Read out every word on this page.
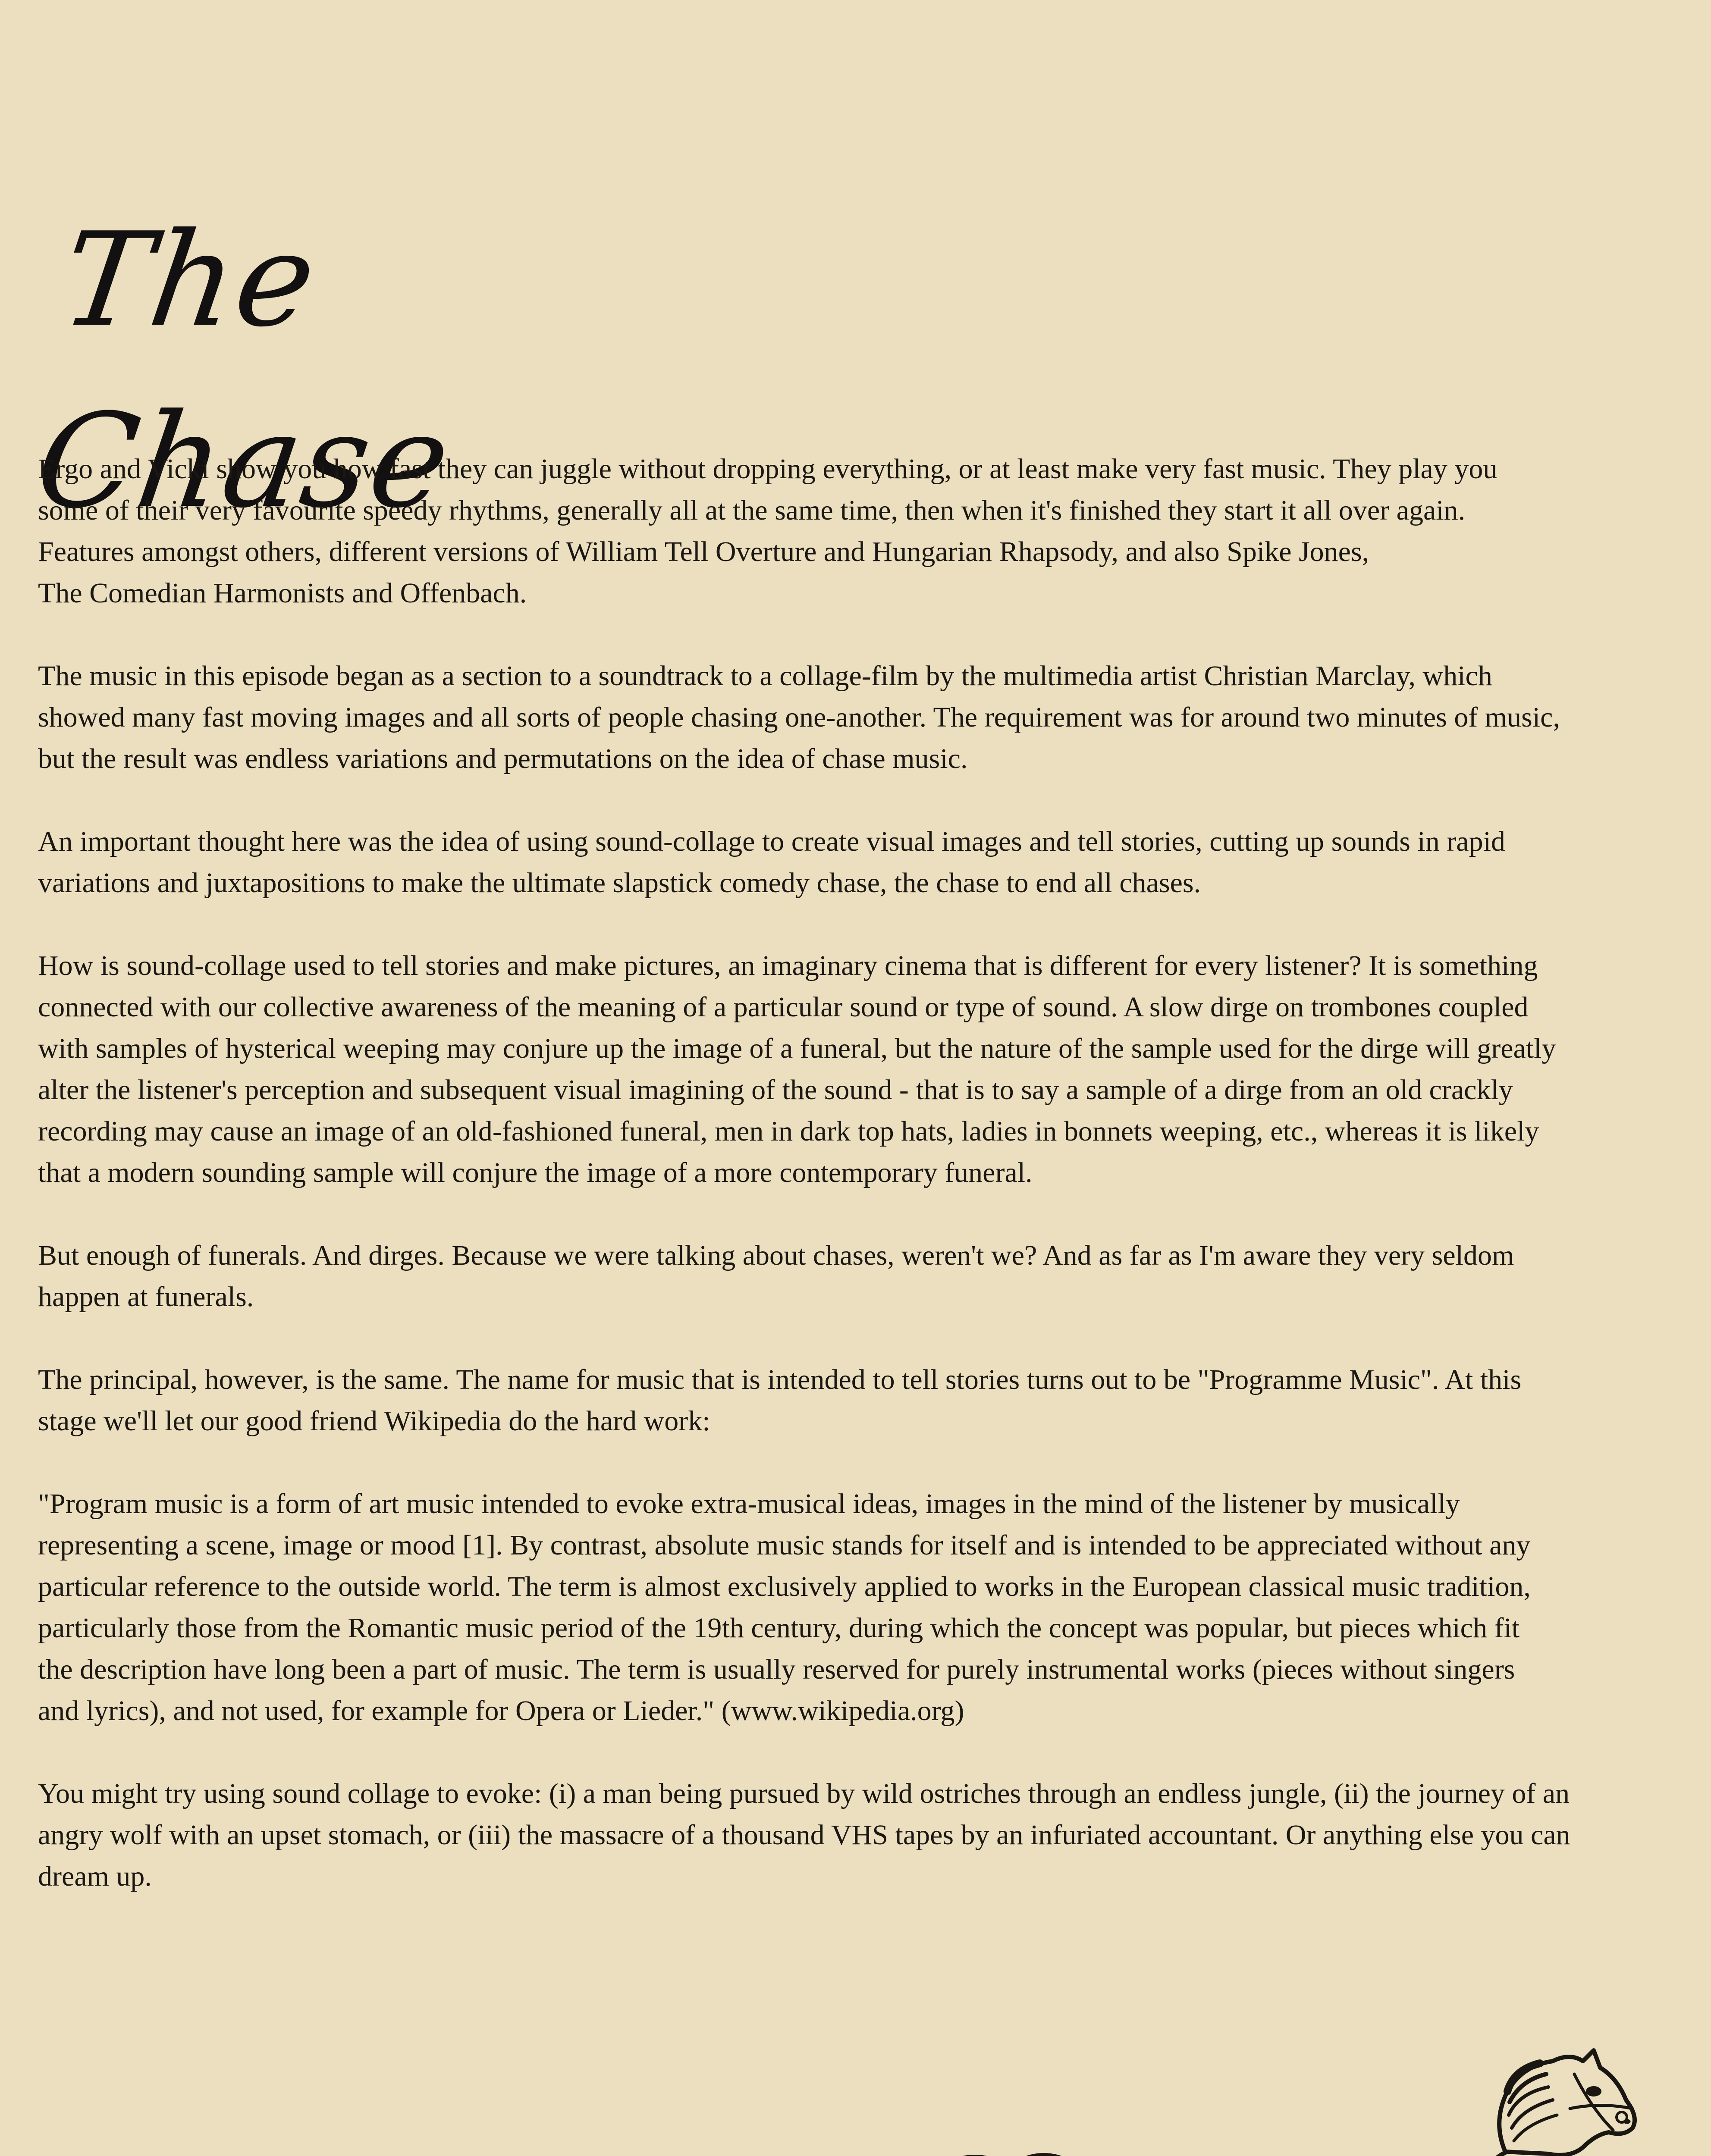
The Chase

Ergo and Vicki show you how fast they can juggle without dropping everything, or at least make very fast music. They play you
some of their very favourite speedy rhythms, generally all at the same time, then when it's finished they start it all over again.
Features amongst others, different versions of William Tell Overture and Hungarian Rhapsody, and also Spike Jones,
The Comedian Harmonists and Offenbach.

The music in this episode began as a section to a soundtrack to a collage-film by the multimedia artist Christian Marclay, which
showed many fast moving images and all sorts of people chasing one-another. The requirement was for around two minutes of music,
but the result was endless variations and permutations on the idea of chase music.

An important thought here was the idea of using sound-collage to create visual images and tell stories, cutting up sounds in rapid
variations and juxtapositions to make the ultimate slapstick comedy chase, the chase to end all chases.

How is sound-collage used to tell stories and make pictures, an imaginary cinema that is different for every listener? It is something
connected with our collective awareness of the meaning of a particular sound or type of sound. A slow dirge on trombones coupled
with samples of hysterical weeping may conjure up the image of a funeral, but the nature of the sample used for the dirge will greatly
alter the listener's perception and subsequent visual imagining of the sound - that is to say a sample of a dirge from an old crackly
recording may cause an image of an old-fashioned funeral, men in dark top hats, ladies in bonnets weeping, etc., whereas it is likely
that a modern sounding sample will conjure the image of a more contemporary funeral.

But enough of funerals. And dirges. Because we were talking about chases, weren't we? And as far as I'm aware they very seldom
happen at funerals.

The principal, however, is the same. The name for music that is intended to tell stories turns out to be "Programme Music". At this
stage we'll let our good friend Wikipedia do the hard work:

"Program music is a form of art music intended to evoke extra-musical ideas, images in the mind of the listener by musically
representing a scene, image or mood [1]. By contrast, absolute music stands for itself and is intended to be appreciated without any
particular reference to the outside world. The term is almost exclusively applied to works in the European classical music tradition,
particularly those from the Romantic music period of the 19th century, during which the concept was popular, but pieces which fit
the description have long been a part of music. The term is usually reserved for purely instrumental works (pieces without singers
and lyrics), and not used, for example for Opera or Lieder." (www.wikipedia.org)

You might try using sound collage to evoke: (i) a man being pursued by wild ostriches through an endless jungle, (ii) the journey of an
angry wolf with an upset stomach, or (iii) the massacre of a thousand VHS tapes by an infuriated accountant. Or anything else you can
dream up.
